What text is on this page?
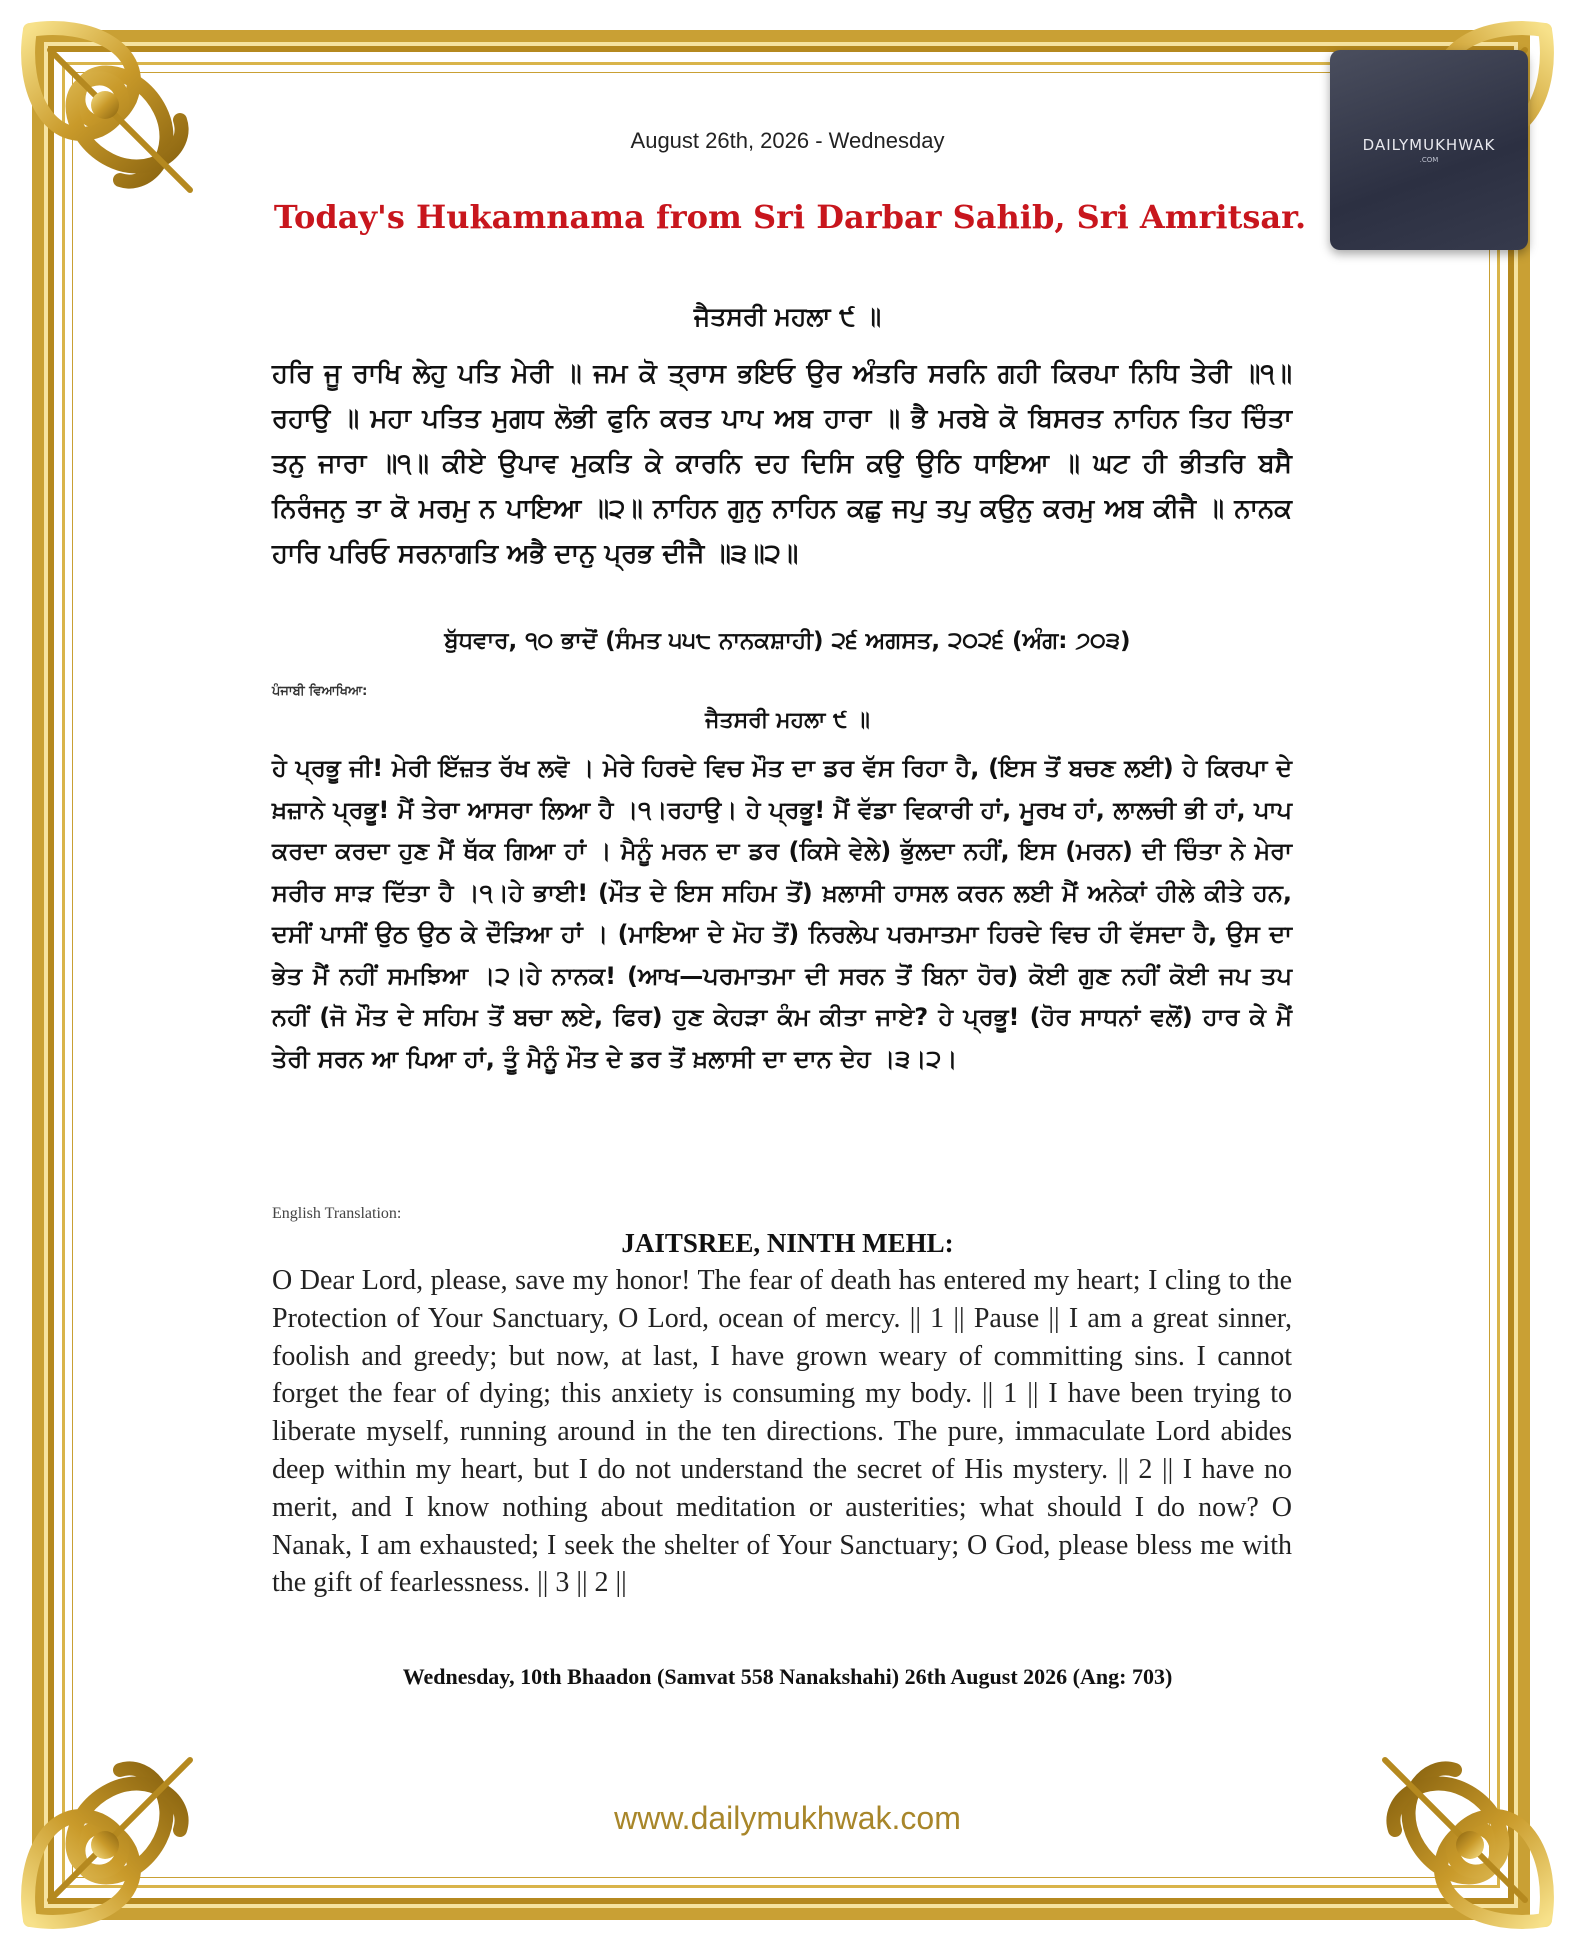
DAILYMUKHWAK
.COM
August 26th, 2026 - Wednesday
Today's Hukamnama from Sri Darbar Sahib, Sri Amritsar.
ਜੈਤਸਰੀ ਮਹਲਾ ੯ ॥
ਹਰਿ ਜੂ ਰਾਖਿ ਲੇਹੁ ਪਤਿ ਮੇਰੀ ॥ ਜਮ ਕੋ ਤ੍ਰਾਸ ਭਇਓ ਉਰ ਅੰਤਰਿ ਸਰਨਿ ਗਹੀ ਕਿਰਪਾ ਨਿਧਿ ਤੇਰੀ ॥੧॥ ਰਹਾਉ ॥ ਮਹਾ ਪਤਿਤ ਮੁਗਧ ਲੋਭੀ ਫੁਨਿ ਕਰਤ ਪਾਪ ਅਬ ਹਾਰਾ ॥ ਭੈ ਮਰਬੇ ਕੋ ਬਿਸਰਤ ਨਾਹਿਨ ਤਿਹ ਚਿੰਤਾ ਤਨੁ ਜਾਰਾ ॥੧॥ ਕੀਏ ਉਪਾਵ ਮੁਕਤਿ ਕੇ ਕਾਰਨਿ ਦਹ ਦਿਸਿ ਕਉ ਉਠਿ ਧਾਇਆ ॥ ਘਟ ਹੀ ਭੀਤਰਿ ਬਸੈ ਨਿਰੰਜਨੁ ਤਾ ਕੋ ਮਰਮੁ ਨ ਪਾਇਆ ॥੨॥ ਨਾਹਿਨ ਗੁਨੁ ਨਾਹਿਨ ਕਛੁ ਜਪੁ ਤਪੁ ਕਉਨੁ ਕਰਮੁ ਅਬ ਕੀਜੈ ॥ ਨਾਨਕ ਹਾਰਿ ਪਰਿਓ ਸਰਨਾਗਤਿ ਅਭੈ ਦਾਨੁ ਪ੍ਰਭ ਦੀਜੈ ॥੩॥੨॥
ਬੁੱਧਵਾਰ, ੧੦ ਭਾਦੋਂ (ਸੰਮਤ ੫੫੮ ਨਾਨਕਸ਼ਾਹੀ) ੨੬ ਅਗਸਤ, ੨੦੨੬ (ਅੰਗ: ੭੦੩)
ਪੰਜਾਬੀ ਵਿਆਖਿਆ:
ਜੈਤਸਰੀ ਮਹਲਾ ੯ ॥
ਹੇ ਪ੍ਰਭੂ ਜੀ! ਮੇਰੀ ਇੱਜ਼ਤ ਰੱਖ ਲਵੋ । ਮੇਰੇ ਹਿਰਦੇ ਵਿਚ ਮੌਤ ਦਾ ਡਰ ਵੱਸ ਰਿਹਾ ਹੈ, (ਇਸ ਤੋਂ ਬਚਣ ਲਈ) ਹੇ ਕਿਰਪਾ ਦੇ ਖ਼ਜ਼ਾਨੇ ਪ੍ਰਭੂ! ਮੈਂ ਤੇਰਾ ਆਸਰਾ ਲਿਆ ਹੈ ।੧।ਰਹਾਉ। ਹੇ ਪ੍ਰਭੂ! ਮੈਂ ਵੱਡਾ ਵਿਕਾਰੀ ਹਾਂ, ਮੂਰਖ ਹਾਂ, ਲਾਲਚੀ ਭੀ ਹਾਂ, ਪਾਪ ਕਰਦਾ ਕਰਦਾ ਹੁਣ ਮੈਂ ਥੱਕ ਗਿਆ ਹਾਂ । ਮੈਨੂੰ ਮਰਨ ਦਾ ਡਰ (ਕਿਸੇ ਵੇਲੇ) ਭੁੱਲਦਾ ਨਹੀਂ, ਇਸ (ਮਰਨ) ਦੀ ਚਿੰਤਾ ਨੇ ਮੇਰਾ ਸਰੀਰ ਸਾੜ ਦਿੱਤਾ ਹੈ ।੧।ਹੇ ਭਾਈ! (ਮੌਤ ਦੇ ਇਸ ਸਹਿਮ ਤੋਂ) ਖ਼ਲਾਸੀ ਹਾਸਲ ਕਰਨ ਲਈ ਮੈਂ ਅਨੇਕਾਂ ਹੀਲੇ ਕੀਤੇ ਹਨ, ਦਸੀਂ ਪਾਸੀਂ ਉਠ ਉਠ ਕੇ ਦੌੜਿਆ ਹਾਂ । (ਮਾਇਆ ਦੇ ਮੋਹ ਤੋਂ) ਨਿਰਲੇਪ ਪਰਮਾਤਮਾ ਹਿਰਦੇ ਵਿਚ ਹੀ ਵੱਸਦਾ ਹੈ, ਉਸ ਦਾ ਭੇਤ ਮੈਂ ਨਹੀਂ ਸਮਝਿਆ ।੨।ਹੇ ਨਾਨਕ! (ਆਖ—ਪਰਮਾਤਮਾ ਦੀ ਸਰਨ ਤੋਂ ਬਿਨਾ ਹੋਰ) ਕੋਈ ਗੁਣ ਨਹੀਂ ਕੋਈ ਜਪ ਤਪ ਨਹੀਂ (ਜੋ ਮੌਤ ਦੇ ਸਹਿਮ ਤੋਂ ਬਚਾ ਲਏ, ਫਿਰ) ਹੁਣ ਕੇਹੜਾ ਕੰਮ ਕੀਤਾ ਜਾਏ? ਹੇ ਪ੍ਰਭੂ! (ਹੋਰ ਸਾਧਨਾਂ ਵਲੋਂ) ਹਾਰ ਕੇ ਮੈਂ ਤੇਰੀ ਸਰਨ ਆ ਪਿਆ ਹਾਂ, ਤੂੰ ਮੈਨੂੰ ਮੌਤ ਦੇ ਡਰ ਤੋਂ ਖ਼ਲਾਸੀ ਦਾ ਦਾਨ ਦੇਹ ।੩।੨।
English Translation:
JAITSREE, NINTH MEHL:
O Dear Lord, please, save my honor! The fear of death has entered my heart; I cling to the Protection of Your Sanctuary, O Lord, ocean of mercy. || 1 || Pause || I am a great sinner, foolish and greedy; but now, at last, I have grown weary of committing sins. I cannot forget the fear of dying; this anxiety is consuming my body. || 1 || I have been trying to liberate myself, running around in the ten directions. The pure, immaculate Lord abides deep within my heart, but I do not understand the secret of His mystery. || 2 || I have no merit, and I know nothing about meditation or austerities; what should I do now? O Nanak, I am exhausted; I seek the shelter of Your Sanctuary; O God, please bless me with the gift of fearlessness. || 3 || 2 ||
Wednesday, 10th Bhaadon (Samvat 558 Nanakshahi) 26th August 2026 (Ang: 703)
www.dailymukhwak.com
